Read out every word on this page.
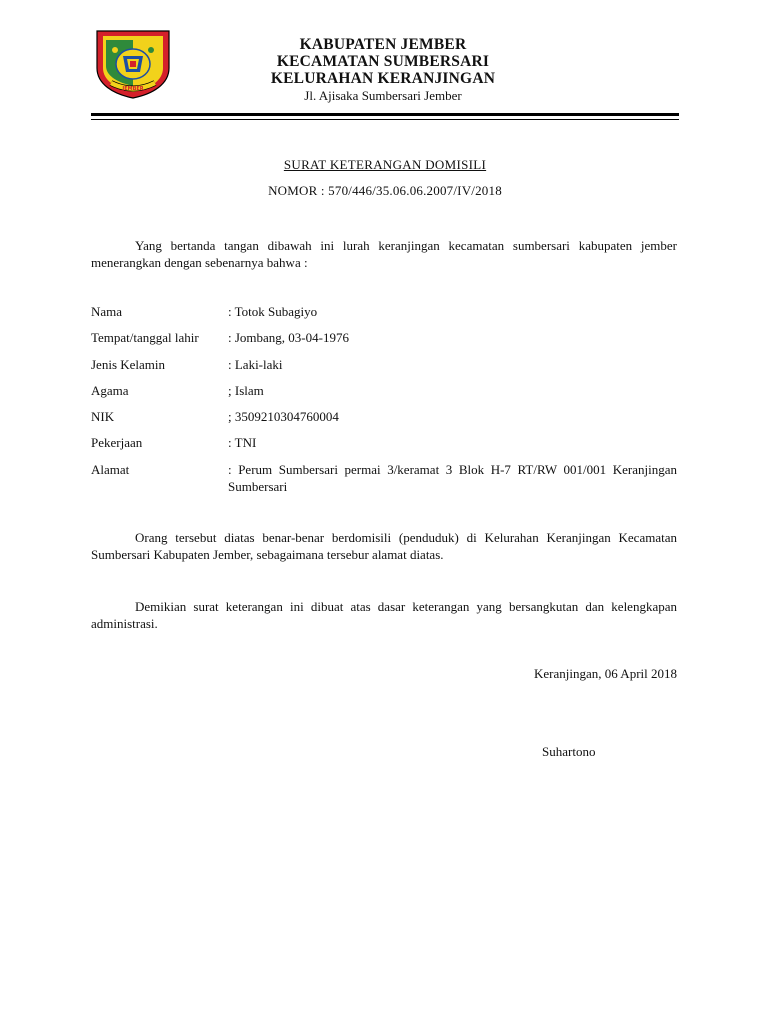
JEMBER
KABUPATEN JEMBER
KECAMATAN SUMBERSARI
KELURAHAN KERANJINGAN
Jl. Ajisaka Sumbersari Jember
SURAT KETERANGAN DOMISILI
NOMOR : 570/446/35.06.06.2007/IV/2018
Yang bertanda tangan dibawah ini lurah keranjingan kecamatan sumbersari kabupaten jember menerangkan dengan sebenarnya bahwa :
Nama	: Totok Subagiyo
Tempat/tanggal lahir	: Jombang, 03-04-1976
Jenis Kelamin	: Laki-laki
Agama	; Islam
NIK	; 3509210304760004
Pekerjaan	: TNI
Alamat	: Perum Sumbersari permai 3/keramat 3 Blok H-7 RT/RW 001/001 Keranjingan Sumbersari
Orang tersebut diatas benar-benar berdomisili (penduduk) di Kelurahan Keranjingan Kecamatan Sumbersari Kabupaten Jember, sebagaimana tersebur alamat diatas.
Demikian surat keterangan ini dibuat atas dasar keterangan yang bersangkutan dan kelengkapan administrasi.
Keranjingan, 06 April 2018
Suhartono
